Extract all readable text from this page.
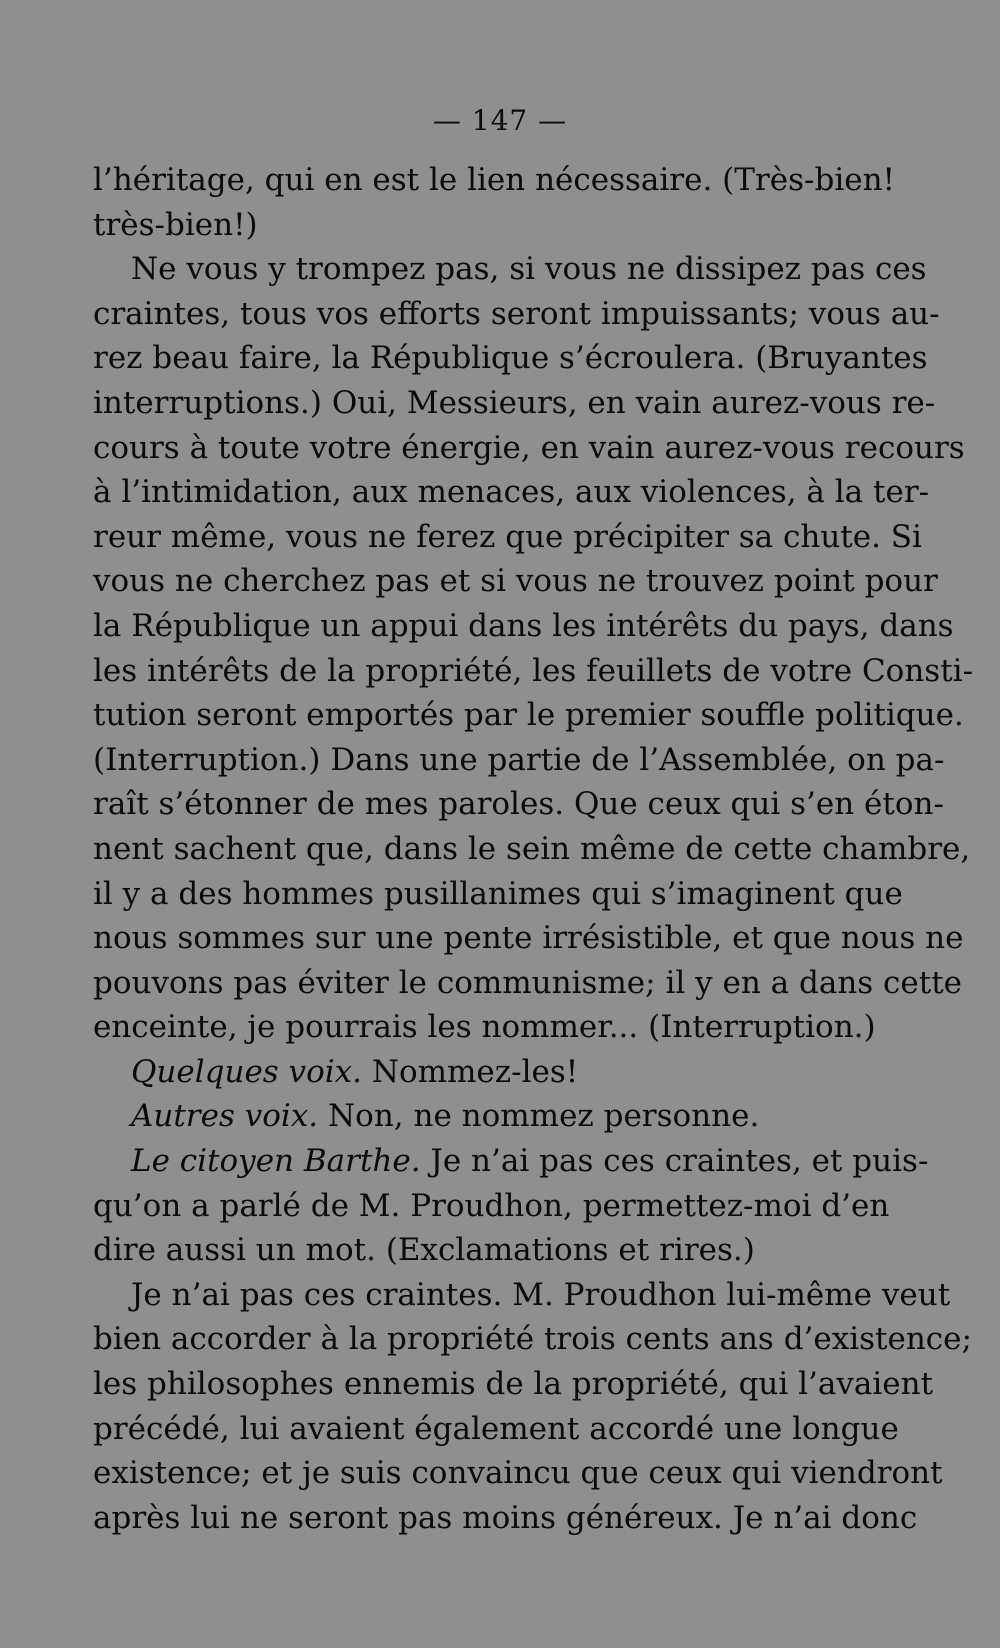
— 147 —
l’héritage, qui en est le lien nécessaire. (Très-bien!
très-bien!)
Ne vous y trompez pas, si vous ne dissipez pas ces
craintes, tous vos efforts seront impuissants; vous au-
rez beau faire, la République s’écroulera. (Bruyantes
interruptions.) Oui, Messieurs, en vain aurez-vous re-
cours à toute votre énergie, en vain aurez-vous recours
à l’intimidation, aux menaces, aux violences, à la ter-
reur même, vous ne ferez que précipiter sa chute. Si
vous ne cherchez pas et si vous ne trouvez point pour
la République un appui dans les intérêts du pays, dans
les intérêts de la propriété, les feuillets de votre Consti-
tution seront emportés par le premier souffle politique.
(Interruption.) Dans une partie de l’Assemblée, on pa-
raît s’étonner de mes paroles. Que ceux qui s’en éton-
nent sachent que, dans le sein même de cette chambre,
il y a des hommes pusillanimes qui s’imaginent que
nous sommes sur une pente irrésistible, et que nous ne
pouvons pas éviter le communisme; il y en a dans cette
enceinte, je pourrais les nommer... (Interruption.)
Quelques voix. Nommez-les!
Autres voix. Non, ne nommez personne.
Le citoyen Barthe. Je n’ai pas ces craintes, et puis-
qu’on a parlé de M. Proudhon, permettez-moi d’en
dire aussi un mot. (Exclamations et rires.)
Je n’ai pas ces craintes. M. Proudhon lui-même veut
bien accorder à la propriété trois cents ans d’existence;
les philosophes ennemis de la propriété, qui l’avaient
précédé, lui avaient également accordé une longue
existence; et je suis convaincu que ceux qui viendront
après lui ne seront pas moins généreux. Je n’ai donc
